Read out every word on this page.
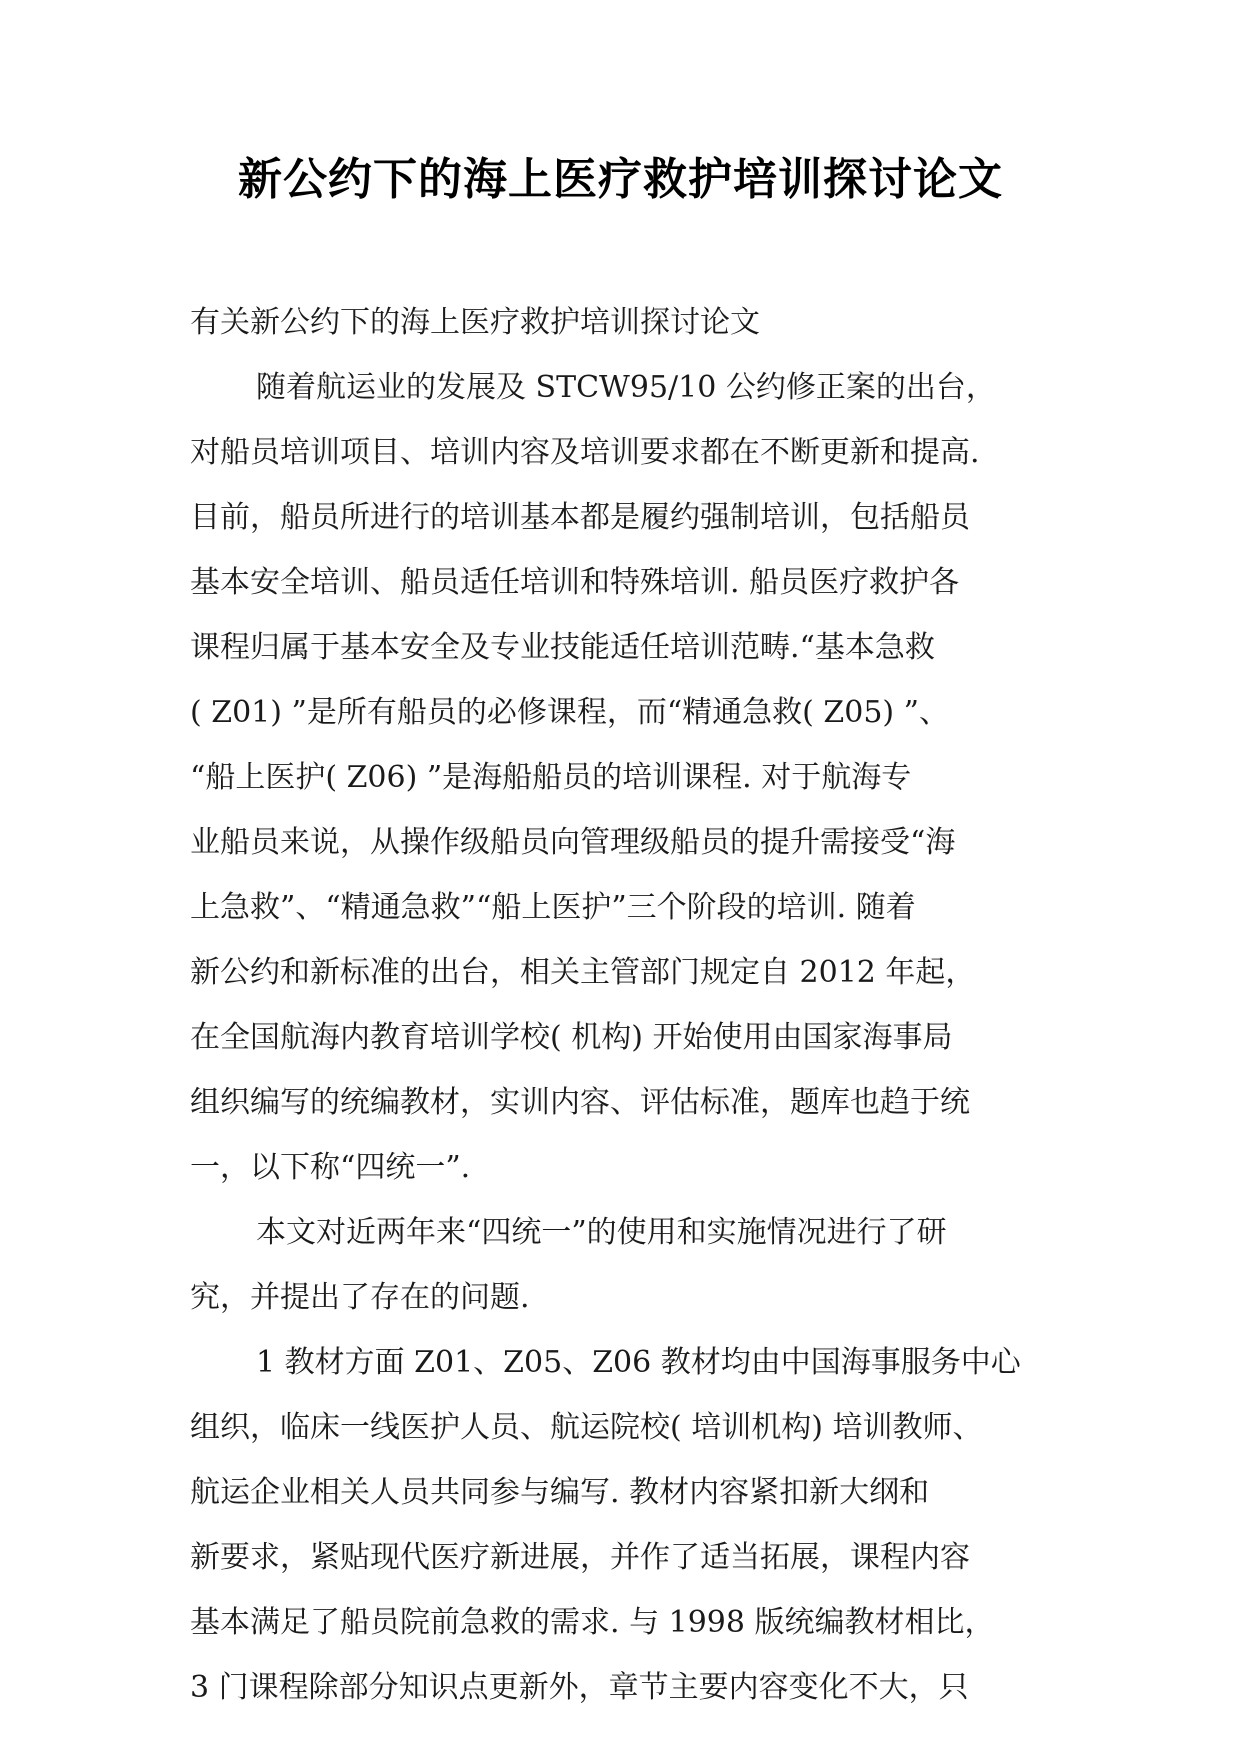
新公约下的海上医疗救护培训探讨论文
有关新公约下的海上医疗救护培训探讨论文
随着航运业的发展及 STCW95/10 公约修正案的出台，
对船员培训项目、培训内容及培训要求都在不断更新和提高.
目前，船员所进行的培训基本都是履约强制培训，包括船员
基本安全培训、船员适任培训和特殊培训. 船员医疗救护各
课程归属于基本安全及专业技能适任培训范畴.“基本急救
( Z01) ”是所有船员的必修课程，而“精通急救( Z05) ”、
“船上医护( Z06) ”是海船船员的培训课程. 对于航海专
业船员来说，从操作级船员向管理级船员的提升需接受“海
上急救”、“精通急救”“船上医护”三个阶段的培训. 随着
新公约和新标准的出台，相关主管部门规定自 2012 年起，
在全国航海内教育培训学校( 机构) 开始使用由国家海事局
组织编写的统编教材，实训内容、评估标准，题库也趋于统
一，以下称“四统一”.
本文对近两年来“四统一”的使用和实施情况进行了研
究，并提出了存在的问题.
1 教材方面 Z01、Z05、Z06 教材均由中国海事服务中心
组织，临床一线医护人员、航运院校( 培训机构) 培训教师、
航运企业相关人员共同参与编写. 教材内容紧扣新大纲和
新要求，紧贴现代医疗新进展，并作了适当拓展，课程内容
基本满足了船员院前急救的需求. 与 1998 版统编教材相比，
3 门课程除部分知识点更新外，章节主要内容变化不大，只
